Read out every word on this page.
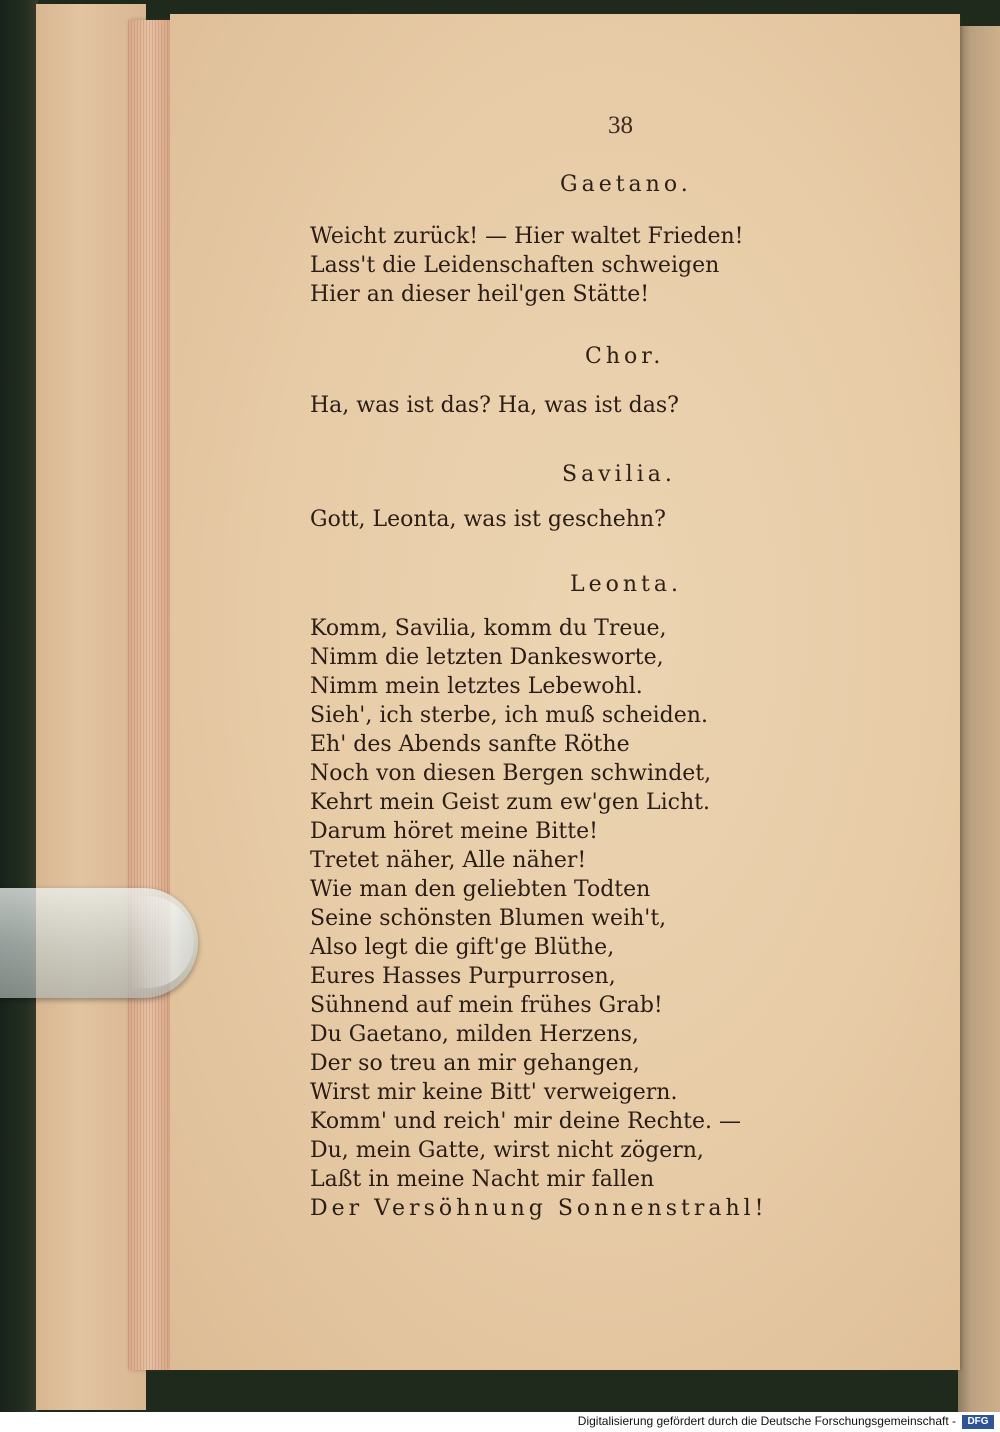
38
Gaetano.
Weicht zurück! — Hier waltet Frieden!
Lass't die Leidenschaften schweigen
Hier an dieser heil'gen Stätte!
Chor.
Ha, was ist das? Ha, was ist das?
Savilia.
Gott, Leonta, was ist geschehn?
Leonta.
Komm, Savilia, komm du Treue,
Nimm die letzten Dankesworte,
Nimm mein letztes Lebewohl.
Sieh', ich sterbe, ich muß scheiden.
Eh' des Abends sanfte Röthe
Noch von diesen Bergen schwindet,
Kehrt mein Geist zum ew'gen Licht.
Darum höret meine Bitte!
Tretet näher, Alle näher!
Wie man den geliebten Todten
Seine schönsten Blumen weih't,
Also legt die gift'ge Blüthe,
Eures Hasses Purpurrosen,
Sühnend auf mein frühes Grab!
Du Gaetano, milden Herzens,
Der so treu an mir gehangen,
Wirst mir keine Bitt' verweigern.
Komm' und reich' mir deine Rechte. —
Du, mein Gatte, wirst nicht zögern,
Laßt in meine Nacht mir fallen
Der Versöhnung Sonnenstrahl!
Digitalisierung gefördert durch die Deutsche Forschungsgemeinschaft -	DFG
